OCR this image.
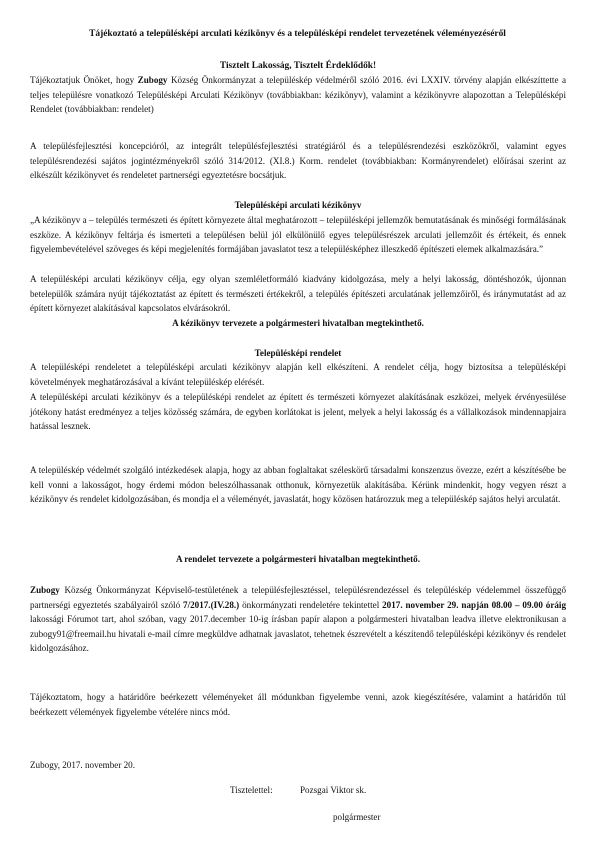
Tájékoztató a településképi arculati kézikönyv és a településképi rendelet tervezetének véleményezéséről
Tisztelt Lakosság, Tisztelt Érdeklődők!

Tájékoztatjuk Önöket, hogy Zubogy Község Önkormányzat a településkép védelméről szóló 2016. évi LXXIV. törvény alapján elkészíttette a teljes településre vonatkozó Településképi Arculati Kézikönyv (továbbiakban: kézikönyv), valamint a kézikönyvre alapozottan a Településképi Rendelet (továbbiakban: rendelet)

A településfejlesztési koncepcióról, az integrált településfejlesztési stratégiáról és a településrendezési eszközökről, valamint egyes településrendezési sajátos jogintézményekről szóló 314/2012. (XI.8.) Korm. rendelet (továbbiakban: Kormányrendelet) előírásai szerint az elkészült kézikönyvet és rendeletet partnerségi egyeztetésre bocsátjuk.

Településképi arculati kézikönyv

„A kézikönyv a – település természeti és épített környezete által meghatározott – településképi jellemzők bemutatásának és minőségi formálásának eszköze. A kézikönyv feltárja és ismerteti a településen belül jól elkülönülő egyes településrészek arculati jellemzőit és értékeit, és ennek figyelembevételével szöveges és képi megjelenítés formájában javaslatot tesz a településképhez illeszkedő építészeti elemek alkalmazására.”

A településképi arculati kézikönyv célja, egy olyan szemléletformáló kiadvány kidolgozása, mely a helyi lakosság, döntéshozók, újonnan betelepülők számára nyújt tájékoztatást az épített és természeti értékekről, a település építészeti arculatának jellemzőiről, és iránymutatást ad az épített környezet alakításával kapcsolatos elvárásokról.

A kézikönyv tervezete a polgármesteri hivatalban megtekinthető.
Településképi rendelet

A településképi rendeletet a településképi arculati kézikönyv alapján kell elkészíteni. A rendelet célja, hogy biztosítsa a településképi követelmények meghatározásával a kívánt településkép elérését.

A településképi arculati kézikönyv és a településképi rendelet az épített és természeti környezet alakításának eszközei, melyek érvényesülése jótékony hatást eredményez a teljes közösség számára, de egyben korlátokat is jelent, melyek a helyi lakosság és a vállalkozások mindennapjaira hatással lesznek.

A településkép védelmét szolgáló intézkedések alapja, hogy az abban foglaltakat széleskörű társadalmi konszenzus övezze, ezért a készítésébe be kell vonni a lakosságot, hogy érdemi módon beleszólhassanak otthonuk, környezetük alakításába. Kérünk mindenkit, hogy vegyen részt a kézikönyv és rendelet kidolgozásában, és mondja el a véleményét, javaslatát, hogy közösen határozzuk meg a településkép sajátos helyi arculatát.

A rendelet tervezete a polgármesteri hivatalban megtekinthető.

Zubogy Község Önkormányzat Képviselő-testületének a településfejlesztéssel, településrendezéssel és településkép védelemmel összefüggő partnerségi egyeztetés szabályairól szóló 7/2017.(IV.28.) önkormányzati rendeletére tekintettel 2017. november 29. napján 08.00 – 09.00 óráig lakossági Fórumot tart, ahol szóban, vagy 2017.december 10-ig írásban papír alapon a polgármesteri hivatalban leadva illetve elektronikusan a zubogy91@freemail.hu hivatali e-mail címre megküldve adhatnak javaslatot, tehetnek észrevételt a készítendő településképi kézikönyv és rendelet kidolgozásához.

Tájékoztatom, hogy a határidőre beérkezett véleményeket áll módunkban figyelembe venni, azok kiegészítésére, valamint a határidőn túl beérkezett vélemények figyelembe vételére nincs mód.

Zubogy, 2017. november 20.
Tisztelettel:	Pozsgai Viktor sk.
polgármester
